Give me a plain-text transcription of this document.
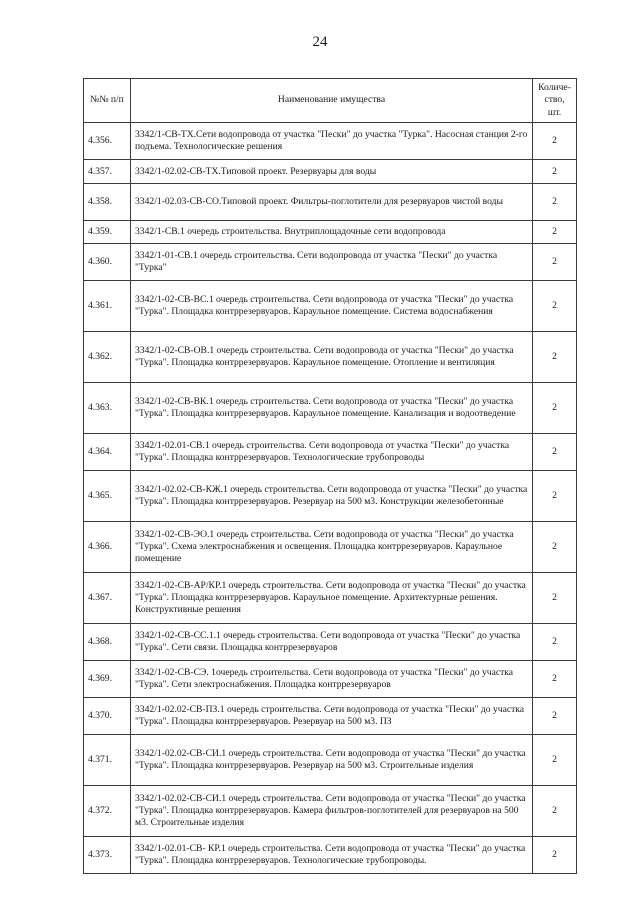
24
№№ п/п	Наименование имущества	Количе-ство, шт.
4.356.	3342/1-СВ-ТХ.Сети водопровода от участка "Пески" до участка "Турка". Насосная станция 2-го подъема. Технологические решения	2
4.357.	3342/1-02.02-СВ-ТХ.Типовой проект. Резервуары для воды	2
4.358.	3342/1-02.03-СВ-СО.Типовой проект. Фильтры-поглотители для резервуаров чистой воды	2
4.359.	3342/1-СВ.1 очередь строительства. Внутриплощадочные сети водопровода	2
4.360.	3342/1-01-СВ.1 очередь строительства. Сети водопровода от участка "Пески" до участка "Турка"	2
4.361.	3342/1-02-СВ-ВС.1 очередь строительства. Сети водопровода от участка "Пески" до участка "Турка". Площадка контррезервуаров. Караульное помещение. Система водоснабжения	2
4.362.	3342/1-02-СВ-ОВ.1 очередь строительства. Сети водопровода от участка "Пески" до участка "Турка". Площадка контррезервуаров. Караульное помещение. Отопление и вентиляция	2
4.363.	3342/1-02-СВ-ВК.1 очередь строительства. Сети водопровода от участка "Пески" до участка "Турка". Площадка контррезервуаров. Караульное помещение. Канализация и водоотведение	2
4.364.	3342/1-02.01-СВ.1 очередь строительства. Сети водопровода от участка "Пески" до участка "Турка". Площадка контррезервуаров. Технологические трубопроводы	2
4.365.	3342/1-02.02-СВ-КЖ.1 очередь строительства. Сети водопровода от участка "Пески" до участка "Турка". Площадка контррезервуаров. Резервуар на 500 м3. Конструкции железобетонные	2
4.366.	3342/1-02-СВ-ЭО.1 очередь строительства. Сети водопровода от участка "Пески" до участка "Турка". Схема электроснабжения и освещения. Площадка контррезервуаров. Караульное помещение	2
4.367.	3342/1-02-СВ-АР/КР.1 очередь строительства. Сети водопровода от участка "Пески" до участка "Турка". Площадка контррезервуаров. Караульное помещение. Архитектурные решения. Конструктивные решения	2
4.368.	3342/1-02-СВ-СС.1.1 очередь строительства. Сети водопровода от участка "Пески" до участка "Турка". Сети связи. Площадка контррезервуаров	2
4.369.	3342/1-02-СВ-СЭ. 1очередь строительства. Сети водопровода от участка "Пески" до участка "Турка". Сети электроснабжения. Площадка контррезервуаров	2
4.370.	3342/1-02.02-СВ-ПЗ.1 очередь строительства. Сети водопровода от участка "Пески" до участка "Турка". Площадка контррезервуаров. Резервуар на 500 м3. ПЗ	2
4.371.	3342/1-02.02-СВ-СИ.1 очередь строительства. Сети водопровода от участка "Пески" до участка "Турка". Площадка контррезервуаров. Резервуар на 500 м3. Строительные изделия	2
4.372.	3342/1-02.02-СВ-СИ.1 очередь строительства. Сети водопровода от участка "Пески" до участка "Турка". Площадка контррезервуаров. Камера фильтров-поглотителей для резервуаров на 500 м3. Строительные изделия	2
4.373.	3342/1-02.01-СВ- КР.1 очередь строительства. Сети водопровода от участка "Пески" до участка "Турка". Площадка контррезервуаров. Технологические трубопроводы.	2
